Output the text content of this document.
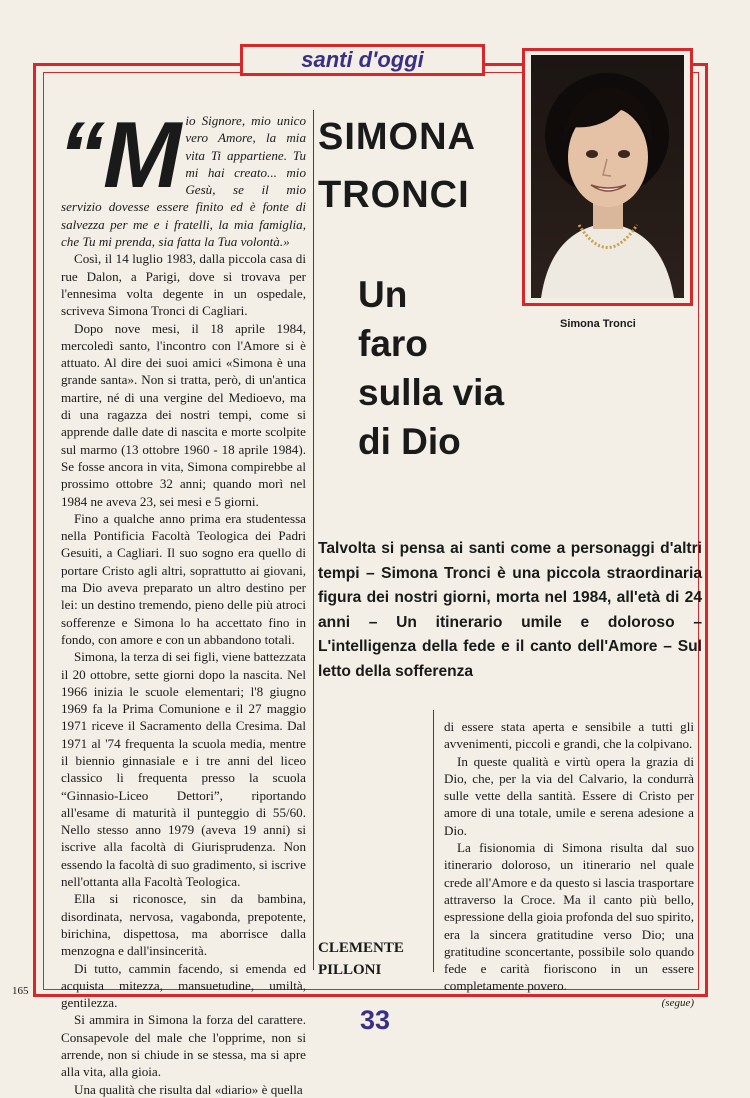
santi d'oggi

“Mio Signore, mio unico vero Amore, la mia vita Ti appartiene. Tu mi hai creato... mio Gesù, se il mio servizio dovesse essere finito ed è fonte di salvezza per me e i fratelli, la mia famiglia, che Tu mi prenda, sia fatta la Tua volontà.»

Così, il 14 luglio 1983, dalla piccola casa di rue Dalon, a Parigi, dove si trovava per l'ennesima volta degente in un ospedale, scriveva Simona Tronci di Cagliari.

Dopo nove mesi, il 18 aprile 1984, mercoledì santo, l'incontro con l'Amore si è attuato. Al dire dei suoi amici «Simona è una grande santa». Non si tratta, però, di un'antica martire, né di una vergine del Medioevo, ma di una ragazza dei nostri tempi, come si apprende dalle date di nascita e morte scolpite sul marmo (13 ottobre 1960 - 18 aprile 1984). Se fosse ancora in vita, Simona compirebbe al prossimo ottobre 32 anni; quando morì nel 1984 ne aveva 23, sei mesi e 5 giorni.

Fino a qualche anno prima era studentessa nella Pontificia Facoltà Teologica dei Padri Gesuiti, a Cagliari. Il suo sogno era quello di portare Cristo agli altri, soprattutto ai giovani, ma Dio aveva preparato un altro destino per lei: un destino tremendo, pieno delle più atroci sofferenze e Simona lo ha accettato fino in fondo, con amore e con un abbandono totali.

Simona, la terza di sei figli, viene battezzata il 20 ottobre, sette giorni dopo la nascita. Nel 1966 inizia le scuole elementari; l'8 giugno 1969 fa la Prima Comunione e il 27 maggio 1971 riceve il Sacramento della Cresima. Dal 1971 al '74 frequenta la scuola media, mentre il biennio ginnasiale e i tre anni del liceo classico li frequenta presso la scuola “Ginnasio-Liceo Dettori”, riportando all'esame di maturità il punteggio di 55/60. Nello stesso anno 1979 (aveva 19 anni) si iscrive alla facoltà di Giurisprudenza. Non essendo la facoltà di suo gradimento, si iscrive nell'ottanta alla Facoltà Teologica.

Ella si riconosce, sin da bambina, disordinata, nervosa, vagabonda, prepotente, birichina, dispettosa, ma aborrisce dalla menzogna e dall'insincerità.

Di tutto, cammin facendo, si emenda ed acquista mitezza, mansuetudine, umiltà, gentilezza.

Si ammira in Simona la forza del carattere. Consapevole del male che l'opprime, non si arrende, non si chiude in se stessa, ma si apre alla vita, alla gioia.

Una qualità che risulta dal «diario» è quella

SIMONA
TRONCI
Un
faro
sulla via
di Dio
Simona Tronci
Talvolta si pensa ai santi come a personaggi d'altri tempi – Simona Tronci è una piccola straordinaria figura dei nostri giorni, morta nel 1984, all'età di 24 anni – Un itinerario umile e doloroso – L'intelligenza della fede e il canto dell'Amore – Sul letto della sofferenza

di essere stata aperta e sensibile a tutti gli avvenimenti, piccoli e grandi, che la colpivano.

In queste qualità e virtù opera la grazia di Dio, che, per la via del Calvario, la condurrà sulle vette della santità. Essere di Cristo per amore di una totale, umile e serena adesione a Dio.

La fisionomia di Simona risulta dal suo itinerario doloroso, un itinerario nel quale crede all'Amore e da questo si lascia trasportare attraverso la Croce. Ma il canto più bello, espressione della gioia profonda del suo spirito, era la sincera gratitudine verso Dio; una gratitudine sconcertante, possibile solo quando fede e carità fioriscono in un essere completamente povero.

(segue)

CLEMENTE
PILLONI
165
33
